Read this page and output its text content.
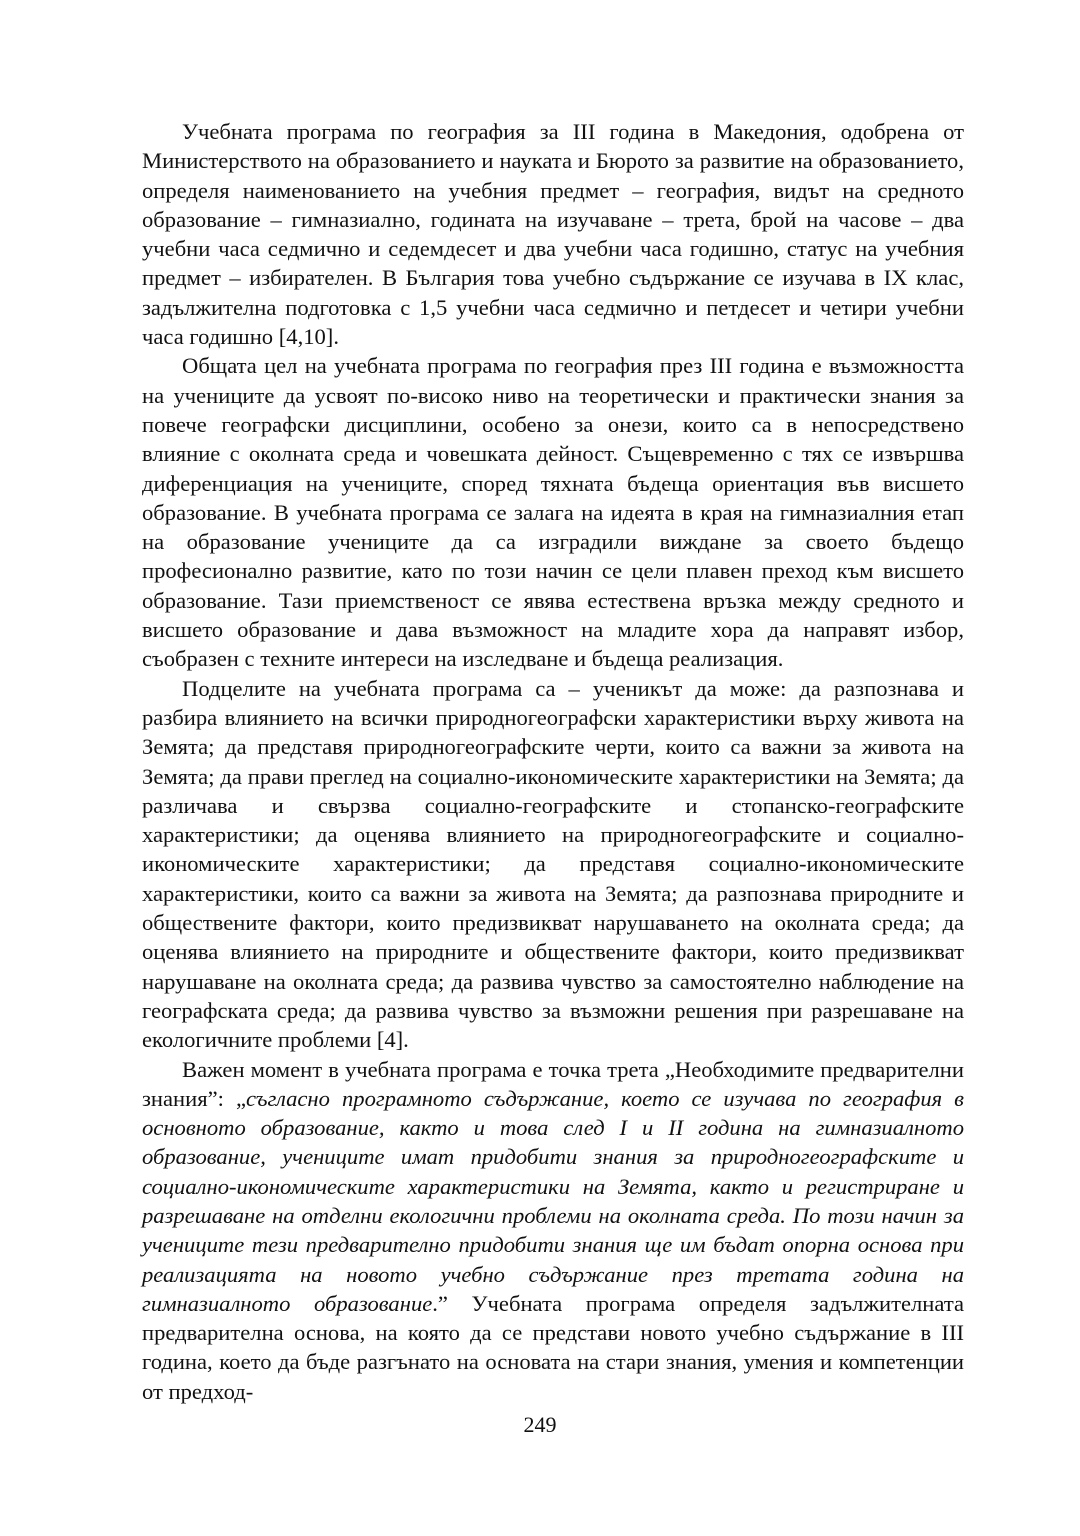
Учебната програма по география за III година в Македония, одобрена от Министерството на образованието и науката и Бюрото за развитие на образованието, определя наименованието на учебния предмет – география, видът на средното образование – гимназиално, годината на изучаване – трета, брой на часове – два учебни часа седмично и седемдесет и два учебни часа годишно, статус на учебния предмет – избирателен. В България това учебно съдържание се изучава в IX клас, задължителна подготовка с 1,5 учебни часа седмично и петдесет и четири учебни часа годишно [4,10].

Общата цел на учебната програма по география през III година е възможността на учениците да усвоят по-високо ниво на теоретически и практически знания за повече географски дисциплини, особено за онези, които са в непосредствено влияние с околната среда и човешката дейност. Същевременно с тях се извършва диференциация на учениците, според тяхната бъдеща ориентация във висшето образование. В учебната програма се залага на идеята в края на гимназиалния етап на образование учениците да са изградили виждане за своето бъдещо професионално развитие, като по този начин се цели плавен преход към висшето образование. Тази приемственост се явява естествена връзка между средното и висшето образование и дава възможност на младите хора да направят избор, съобразен с техните интереси на изследване и бъдеща реализация.

Подцелите на учебната програма са – ученикът да може: да разпознава и разбира влиянието на всички природногеографски характеристики върху живота на Земята; да представя природногеографските черти, които са важни за живота на Земята; да прави преглед на социално-икономическите характеристики на Земята; да различава и свързва социално-географските и стопанско-географските характеристики; да оценява влиянието на природногеографските и социално-икономическите характеристики; да представя социално-икономическите характеристики, които са важни за живота на Земята; да разпознава природните и обществените фактори, които предизвикват нарушаването на околната среда; да оценява влиянието на природните и обществените фактори, които предизвикват нарушаване на околната среда; да развива чувство за самостоятелно наблюдение на географската среда; да развива чувство за възможни решения при разрешаване на екологичните проблеми [4].

Важен момент в учебната програма е точка трета „Необходимите предварителни знания”: „съгласно програмното съдържание, което се изучава по география в основното образование, както и това след I и II година на гимназиалното образование, учениците имат придобити знания за природногеографските и социално-икономическите характеристики на Земята, както и регистриране и разрешаване на отделни екологични проблеми на околната среда. По този начин за учениците тези предварително придобити знания ще им бъдат опорна основа при реализацията на новото учебно съдържание през третата година на гимназиалното образование.” Учебната програма определя задължителната предварителна основа, на която да се представи новото учебно съдържание в III година, което да бъде разгънато на основата на стари знания, умения и компетенции от предход-

249
